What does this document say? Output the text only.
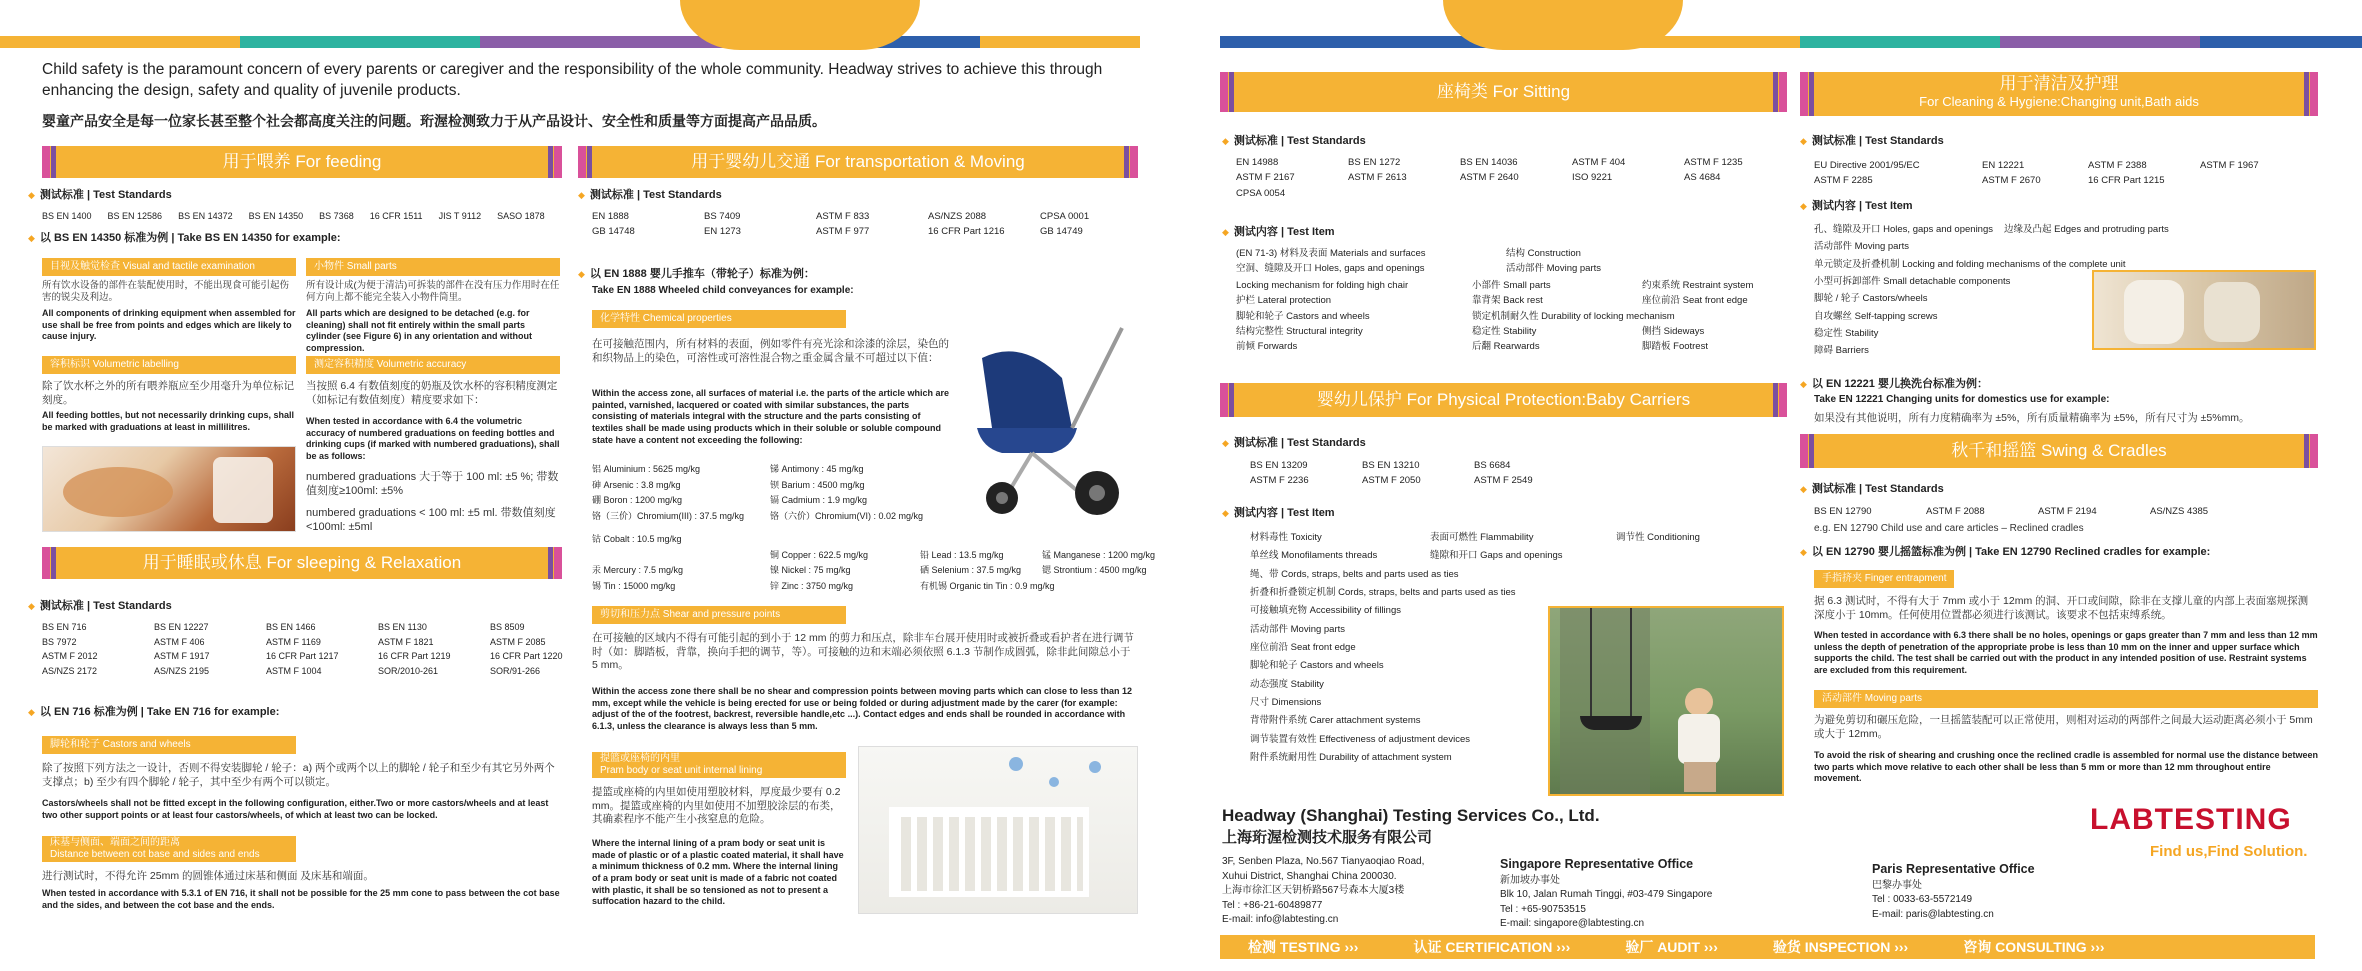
Child safety is the paramount concern of every parents or caregiver and the responsibility of the whole community. Headway strives to achieve this through enhancing the design, safety and quality of juvenile products.
婴童产品安全是每一位家长甚至整个社会都高度关注的问题。珩渥检测致力于从产品设计、安全性和质量等方面提高产品品质。
用于喂养 For feeding
◆ 测试标准 | Test Standards
BS EN 1400 BS EN 12586 BS EN 14372 BS EN 14350 BS 7368 16 CFR 1511 JIS T 9112 SASO 1878
◆ 以 BS EN 14350 标准为例 | Take BS EN 14350 for example:
目视及触觉检查 Visual and tactile examination
所有饮水设备的部件在装配使用时，不能出现食可能引起伤害的锐尖及利边。
All components of drinking equipment when assembled for use shall be free from points and edges which are likely to cause injury.
小物件 Small parts
所有设计成(为便于清洁)可拆装的部件在没有压力作用时在任何方向上都不能完全装入小物件筒里。
All parts which are designed to be detached (e.g. for cleaning) shall not fit entirely within the small parts cylinder (see Figure 6) in any orientation and without compression.
容积标识 Volumetric labelling
除了饮水杯之外的所有喂养瓶应至少用毫升为单位标记刻度。
All feeding bottles, but not necessarily drinking cups, shall be marked with graduations at least in millilitres.
测定容积精度 Volumetric accuracy
当按照 6.4 有数值刻度的奶瓶及饮水杯的容积精度测定（如标记有数值刻度）精度要求如下：
When tested in accordance with 6.4 the volumetric accuracy of numbered graduations on feeding bottles and drinking cups (if marked with numbered graduations), shall be as follows:
numbered graduations 大于等于 100 ml: ±5 %; 带数值刻度≥100ml: ±5%
numbered graduations < 100 ml: ±5 ml. 带数值刻度<100ml: ±5ml
用于睡眠或休息 For sleeping & Relaxation
◆ 测试标准 | Test Standards
BS EN 716	BS EN 12227	BS EN 1466	BS EN 1130	BS 8509
BS 7972	ASTM F 406	ASTM F 1169	ASTM F 1821	ASTM F 2085
ASTM F 2012	ASTM F 1917	16 CFR Part 1217	16 CFR Part 1219	16 CFR Part 1220
AS/NZS 2172	AS/NZS 2195	ASTM F 1004	SOR/2010-261	SOR/91-266
◆ 以 EN 716 标准为例 | Take EN 716 for example:
脚轮和轮子 Castors and wheels
除了按照下列方法之一设计，否则不得安装脚轮 / 轮子：a) 两个或两个以上的脚轮 / 轮子和至少有其它另外两个支撑点；b) 至少有四个脚轮 / 轮子，其中至少有两个可以锁定。
Castors/wheels shall not be fitted except in the following configuration, either.Two or more castors/wheels and at least two other support points or at least four castors/wheels, of which at least two can be locked.
床基与侧面、端面之间的距离
Distance between cot base and sides and ends
进行测试时，不得允许 25mm 的圆锥体通过床基和侧面 及床基和端面。
When tested in accordance with 5.3.1 of EN 716, it shall not be possible for the 25 mm cone to pass between the cot base and the sides, and between the cot base and the ends.
用于婴幼儿交通 For transportation & Moving
◆ 测试标准 | Test Standards
EN 1888	BS 7409	ASTM F 833	AS/NZS 2088	CPSA 0001
GB 14748	EN 1273	ASTM F 977	16 CFR Part 1216	GB 14749
◆ 以 EN 1888 婴儿手推车（带轮子）标准为例：
Take EN 1888 Wheeled child conveyances for example:
化学特性 Chemical properties
在可接触范围内，所有材料的表面，例如零件有亮光涂和涂漆的涂层，染色的和织物品上的染色，可溶性或可溶性混合物之重金属含量不可超过以下值：
Within the access zone, all surfaces of material i.e. the parts of the article which are painted, varnished, lacquered or coated with similar substances, the parts consisting of materials integral with the structure and the parts consisting of textiles shall be made using products which in their soluble or soluble compound state have a content not exceeding the following:
铝 Aluminium : 5625 mg/kg	锑 Antimony : 45 mg/kg
砷 Arsenic : 3.8 mg/kg	钡 Barium : 4500 mg/kg
硼 Boron : 1200 mg/kg	镉 Cadmium : 1.9 mg/kg
铬（三价）Chromium(III) : 37.5 mg/kg	铬（六价）Chromium(VI) : 0.02 mg/kg
钴 Cobalt : 10.5 mg/kg
铜 Copper : 622.5 mg/kg	铅 Lead : 13.5 mg/kg	锰 Manganese : 1200 mg/kg
汞 Mercury : 7.5 mg/kg	镍 Nickel : 75 mg/kg	硒 Selenium : 37.5 mg/kg	锶 Strontium : 4500 mg/kg
锡 Tin : 15000 mg/kg	锌 Zinc : 3750 mg/kg	有机锡 Organic tin Tin : 0.9 mg/kg
剪切和压力点 Shear and pressure points
在可接触的区域内不得有可能引起的到小于 12 mm 的剪力和压点，除非车台展开使用时或被折叠或看护者在进行调节时（如：脚踏板，背靠，换向手把的调节，等）。可接触的边和末端必须依照 6.1.3 节制作成圆弧，除非此间隙总小于 5 mm。
Within the access zone there shall be no shear and compression points between moving parts which can close to less than 12 mm, except while the vehicle is being erected for use or being folded or during adjustment made by the carer (for example: adjust of the of the footrest, backrest, reversible handle,etc ...). Contact edges and ends shall be rounded in accordance with 6.1.3, unless the clearance is always less than 5 mm.
提篮或座椅的内里
Pram body or seat unit internal lining
提篮或座椅的内里如使用塑胶材料，厚度最少要有 0.2 mm。提篮或座椅的内里如使用不加塑胶涂层的布类，其确素程序不能产生小孩窒息的危险。
Where the internal lining of a pram body or seat unit is made of plastic or of a plastic coated material, it shall have a minimum thickness of 0.2 mm. Where the internal lining of a pram body or seat unit is made of a fabric not coated with plastic, it shall be so tensioned as not to present a suffocation hazard to the child.
座椅类 For Sitting
◆ 测试标准 | Test Standards
EN 14988	BS EN 1272	BS EN 14036	ASTM F 404	ASTM F 1235
ASTM F 2167	ASTM F 2613	ASTM F 2640	ISO 9221	AS 4684
CPSA 0054
◆ 测试内容 | Test Item
(EN 71-3) 材料及表面 Materials and surfaces	结构 Construction
空洞、缝隙及开口 Holes, gaps and openings	活动部件 Moving parts
Locking mechanism for folding high chair	小部件 Small parts	约束系统 Restraint system
护栏 Lateral protection	靠背架 Back rest	座位前沿 Seat front edge
脚轮和轮子 Castors and wheels	锁定机制耐久性 Durability of locking mechanism
结构完整性 Structural integrity	稳定性 Stability	侧挡 Sideways
前倾 Forwards	后翻 Rearwards	脚踏板 Footrest
婴幼儿保护 For Physical Protection:Baby Carriers
◆ 测试标准 | Test Standards
BS EN 13209	BS EN 13210	BS 6684
ASTM F 2236	ASTM F 2050	ASTM F 2549
◆ 测试内容 | Test Item
材料毒性 Toxicity	表面可燃性 Flammability	调节性 Conditioning
单丝线 Monofilaments threads	缝隙和开口 Gaps and openings
绳、带 Cords, straps, belts and parts used as ties
折叠和折叠锁定机制 Cords, straps, belts and parts used as ties
可接触填充物 Accessibility of fillings
活动部件 Moving parts
座位前沿 Seat front edge
脚轮和轮子 Castors and wheels
动态强度 Stability
尺寸 Dimensions
背带附件系统 Carer attachment systems
调节装置有效性 Effectiveness of adjustment devices
附件系统耐用性 Durability of attachment system
用于清洁及护理
For Cleaning & Hygiene:Changing unit,Bath aids
◆ 测试标准 | Test Standards
EU Directive 2001/95/EC	EN 12221	ASTM F 2388	ASTM F 1967
ASTM F 2285	ASTM F 2670	16 CFR Part 1215
◆ 测试内容 | Test Item
孔、缝隙及开口 Holes, gaps and openings	边缘及凸起 Edges and protruding parts
活动部件 Moving parts
单元锁定及折叠机制 Locking and folding mechanisms of the complete unit
小型可拆卸部件 Small detachable components
脚轮 / 轮子 Castors/wheels
自攻螺丝 Self-tapping screws
稳定性 Stability
障碍 Barriers
◆ 以 EN 12221 婴儿换洗台标准为例：
Take EN 12221 Changing units for domestics use for example:
如果没有其他说明，所有力度精确率为 ±5%，所有质量精确率为 ±5%，所有尺寸为 ±5%mm。
秋千和摇篮 Swing & Cradles
◆ 测试标准 | Test Standards
BS EN 12790	ASTM F 2088	ASTM F 2194	AS/NZS 4385
e.g. EN 12790 Child use and care articles – Reclined cradles
◆ 以 EN 12790 婴儿摇篮标准为例 | Take EN 12790 Reclined cradles for example:
手指挤夹 Finger entrapment
据 6.3 测试时，不得有大于 7mm 或小于 12mm 的洞、开口或间隙，除非在支撑儿童的内部上表面塞规探测深度小于 10mm。任何使用位置都必须进行该测试。该要求不包括束缚系统。
When tested in accordance with 6.3 there shall be no holes, openings or gaps greater than 7 mm and less than 12 mm unless the depth of penetration of the appropriate probe is less than 10 mm on the inner and upper surface which supports the child. The test shall be carried out with the product in any intended position of use. Restraint systems are excluded from this requirement.
活动部件 Moving parts
为避免剪切和碾压危险，一旦摇篮装配可以正常使用，则相对运动的两部件之间最大运动距离必须小于 5mm 或大于 12mm。
To avoid the risk of shearing and crushing once the reclined cradle is assembled for normal use the distance between two parts which move relative to each other shall be less than 5 mm or more than 12 mm throughout entire movement.
Headway (Shanghai) Testing Services Co., Ltd.
上海珩渥检测技术服务有限公司
3F, Senben Plaza, No.567 Tianyaoqiao Road,
Xuhui District, Shanghai China 200030.
上海市徐汇区天钥桥路567号森本大厦3楼
Tel : +86-21-60489877
E-mail: info@labtesting.cn
Singapore Representative Office
新加坡办事处
Blk 10, Jalan Rumah Tinggi, #03-479 Singapore
Tel : +65-90753515
E-mail: singapore@labtesting.cn
Paris Representative Office
巴黎办事处
Tel : 0033-63-5572149
E-mail: paris@labtesting.cn
LABTESTING
Find us,Find Solution.
检测 TESTING ›››	认证 CERTIFICATION ›››	验厂 AUDIT ›››	验货 INSPECTION ›››	咨询 CONSULTING ›››
